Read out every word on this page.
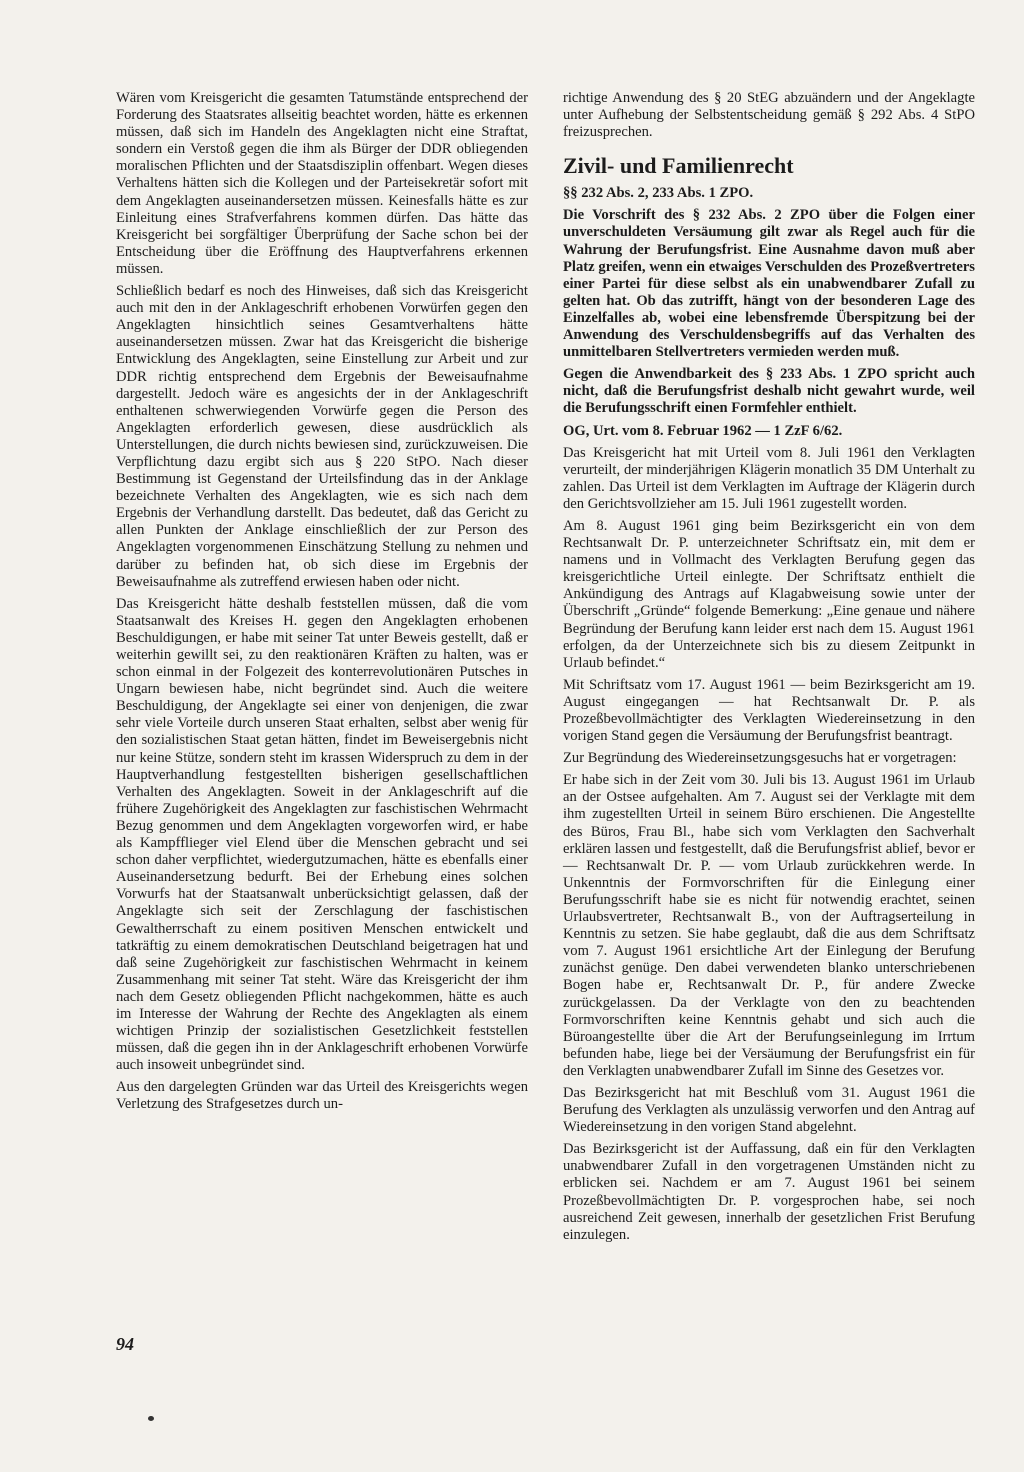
Wären vom Kreisgericht die gesamten Tatumstände entsprechend der Forderung des Staatsrates allseitig beachtet worden, hätte es erkennen müssen, daß sich im Handeln des Angeklagten nicht eine Straftat, sondern ein Verstoß gegen die ihm als Bürger der DDR obliegenden moralischen Pflichten und der Staatsdisziplin offenbart. Wegen dieses Verhaltens hätten sich die Kollegen und der Parteisekretär sofort mit dem Angeklagten auseinandersetzen müssen. Keinesfalls hätte es zur Einleitung eines Strafverfahrens kommen dürfen. Das hätte das Kreisgericht bei sorgfältiger Überprüfung der Sache schon bei der Entscheidung über die Eröffnung des Hauptverfahrens erkennen müssen.

Schließlich bedarf es noch des Hinweises, daß sich das Kreisgericht auch mit den in der Anklageschrift erhobenen Vorwürfen gegen den Angeklagten hinsichtlich seines Gesamtverhaltens hätte auseinandersetzen müssen. Zwar hat das Kreisgericht die bisherige Entwicklung des Angeklagten, seine Einstellung zur Arbeit und zur DDR richtig entsprechend dem Ergebnis der Beweisaufnahme dargestellt. Jedoch wäre es angesichts der in der Anklageschrift enthaltenen schwerwiegenden Vorwürfe gegen die Person des Angeklagten erforderlich gewesen, diese ausdrücklich als Unterstellungen, die durch nichts bewiesen sind, zurückzuweisen. Die Verpflichtung dazu ergibt sich aus § 220 StPO. Nach dieser Bestimmung ist Gegenstand der Urteilsfindung das in der Anklage bezeichnete Verhalten des Angeklagten, wie es sich nach dem Ergebnis der Verhandlung darstellt. Das bedeutet, daß das Gericht zu allen Punkten der Anklage einschließlich der zur Person des Angeklagten vorgenommenen Einschätzung Stellung zu nehmen und darüber zu befinden hat, ob sich diese im Ergebnis der Beweisaufnahme als zutreffend erwiesen haben oder nicht.

Das Kreisgericht hätte deshalb feststellen müssen, daß die vom Staatsanwalt des Kreises H. gegen den Angeklagten erhobenen Beschuldigungen, er habe mit seiner Tat unter Beweis gestellt, daß er weiterhin gewillt sei, zu den reaktionären Kräften zu halten, was er schon einmal in der Folgezeit des konterrevolutionären Putsches in Ungarn bewiesen habe, nicht begründet sind. Auch die weitere Beschuldigung, der Angeklagte sei einer von denjenigen, die zwar sehr viele Vorteile durch unseren Staat erhalten, selbst aber wenig für den sozialistischen Staat getan hätten, findet im Beweisergebnis nicht nur keine Stütze, sondern steht im krassen Widerspruch zu dem in der Hauptverhandlung festgestellten bisherigen gesellschaftlichen Verhalten des Angeklagten. Soweit in der Anklageschrift auf die frühere Zugehörigkeit des Angeklagten zur faschistischen Wehrmacht Bezug genommen und dem Angeklagten vorgeworfen wird, er habe als Kampfflieger viel Elend über die Menschen gebracht und sei schon daher verpflichtet, wiedergutzumachen, hätte es ebenfalls einer Auseinandersetzung bedurft. Bei der Erhebung eines solchen Vorwurfs hat der Staatsanwalt unberücksichtigt gelassen, daß der Angeklagte sich seit der Zerschlagung der faschistischen Gewaltherrschaft zu einem positiven Menschen entwickelt und tatkräftig zu einem demokratischen Deutschland beigetragen hat und daß seine Zugehörigkeit zur faschistischen Wehrmacht in keinem Zusammenhang mit seiner Tat steht. Wäre das Kreisgericht der ihm nach dem Gesetz obliegenden Pflicht nachgekommen, hätte es auch im Interesse der Wahrung der Rechte des Angeklagten als einem wichtigen Prinzip der sozialistischen Gesetzlichkeit feststellen müssen, daß die gegen ihn in der Anklageschrift erhobenen Vorwürfe auch insoweit unbegründet sind.

Aus den dargelegten Gründen war das Urteil des Kreisgerichts wegen Verletzung des Strafgesetzes durch un-

richtige Anwendung des § 20 StEG abzuändern und der Angeklagte unter Aufhebung der Selbstentscheidung gemäß § 292 Abs. 4 StPO freizusprechen.

Zivil- und Familienrecht

§§ 232 Abs. 2, 233 Abs. 1 ZPO.

Die Vorschrift des § 232 Abs. 2 ZPO über die Folgen einer unverschuldeten Versäumung gilt zwar als Regel auch für die Wahrung der Berufungsfrist. Eine Ausnahme davon muß aber Platz greifen, wenn ein etwaiges Verschulden des Prozeßvertreters einer Partei für diese selbst als ein unabwendbarer Zufall zu gelten hat. Ob das zutrifft, hängt von der besonderen Lage des Einzelfalles ab, wobei eine lebensfremde Überspitzung bei der Anwendung des Verschuldensbegriffs auf das Verhalten des unmittelbaren Stellvertreters vermieden werden muß.

Gegen die Anwendbarkeit des § 233 Abs. 1 ZPO spricht auch nicht, daß die Berufungsfrist deshalb nicht gewahrt wurde, weil die Berufungsschrift einen Formfehler enthielt.

OG, Urt. vom 8. Februar 1962 — 1 ZzF 6/62.

Das Kreisgericht hat mit Urteil vom 8. Juli 1961 den Verklagten verurteilt, der minderjährigen Klägerin monatlich 35 DM Unterhalt zu zahlen. Das Urteil ist dem Verklagten im Auftrage der Klägerin durch den Gerichtsvollzieher am 15. Juli 1961 zugestellt worden.

Am 8. August 1961 ging beim Bezirksgericht ein von dem Rechtsanwalt Dr. P. unterzeichneter Schriftsatz ein, mit dem er namens und in Vollmacht des Verklagten Berufung gegen das kreisgerichtliche Urteil einlegte. Der Schriftsatz enthielt die Ankündigung des Antrags auf Klagabweisung sowie unter der Überschrift „Gründe“ folgende Bemerkung: „Eine genaue und nähere Begründung der Berufung kann leider erst nach dem 15. August 1961 erfolgen, da der Unterzeichnete sich bis zu diesem Zeitpunkt in Urlaub befindet.“

Mit Schriftsatz vom 17. August 1961 — beim Bezirksgericht am 19. August eingegangen — hat Rechtsanwalt Dr. P. als Prozeßbevollmächtigter des Verklagten Wiedereinsetzung in den vorigen Stand gegen die Versäumung der Berufungsfrist beantragt.

Zur Begründung des Wiedereinsetzungsgesuchs hat er vorgetragen:

Er habe sich in der Zeit vom 30. Juli bis 13. August 1961 im Urlaub an der Ostsee aufgehalten. Am 7. August sei der Verklagte mit dem ihm zugestellten Urteil in seinem Büro erschienen. Die Angestellte des Büros, Frau Bl., habe sich vom Verklagten den Sachverhalt erklären lassen und festgestellt, daß die Berufungsfrist ablief, bevor er — Rechtsanwalt Dr. P. — vom Urlaub zurückkehren werde. In Unkenntnis der Formvorschriften für die Einlegung einer Berufungsschrift habe sie es nicht für notwendig erachtet, seinen Urlaubsvertreter, Rechtsanwalt B., von der Auftragserteilung in Kenntnis zu setzen. Sie habe geglaubt, daß die aus dem Schriftsatz vom 7. August 1961 ersichtliche Art der Einlegung der Berufung zunächst genüge. Den dabei verwendeten blanko unterschriebenen Bogen habe er, Rechtsanwalt Dr. P., für andere Zwecke zurückgelassen. Da der Verklagte von den zu beachtenden Formvorschriften keine Kenntnis gehabt und sich auch die Büroangestellte über die Art der Berufungseinlegung im Irrtum befunden habe, liege bei der Versäumung der Berufungsfrist ein für den Verklagten unabwendbarer Zufall im Sinne des Gesetzes vor.

Das Bezirksgericht hat mit Beschluß vom 31. August 1961 die Berufung des Verklagten als unzulässig verworfen und den Antrag auf Wiedereinsetzung in den vorigen Stand abgelehnt.

Das Bezirksgericht ist der Auffassung, daß ein für den Verklagten unabwendbarer Zufall in den vorgetragenen Umständen nicht zu erblicken sei. Nachdem er am 7. August 1961 bei seinem Prozeßbevollmächtigten Dr. P. vorgesprochen habe, sei noch ausreichend Zeit gewesen, innerhalb der gesetzlichen Frist Berufung einzulegen.

94
